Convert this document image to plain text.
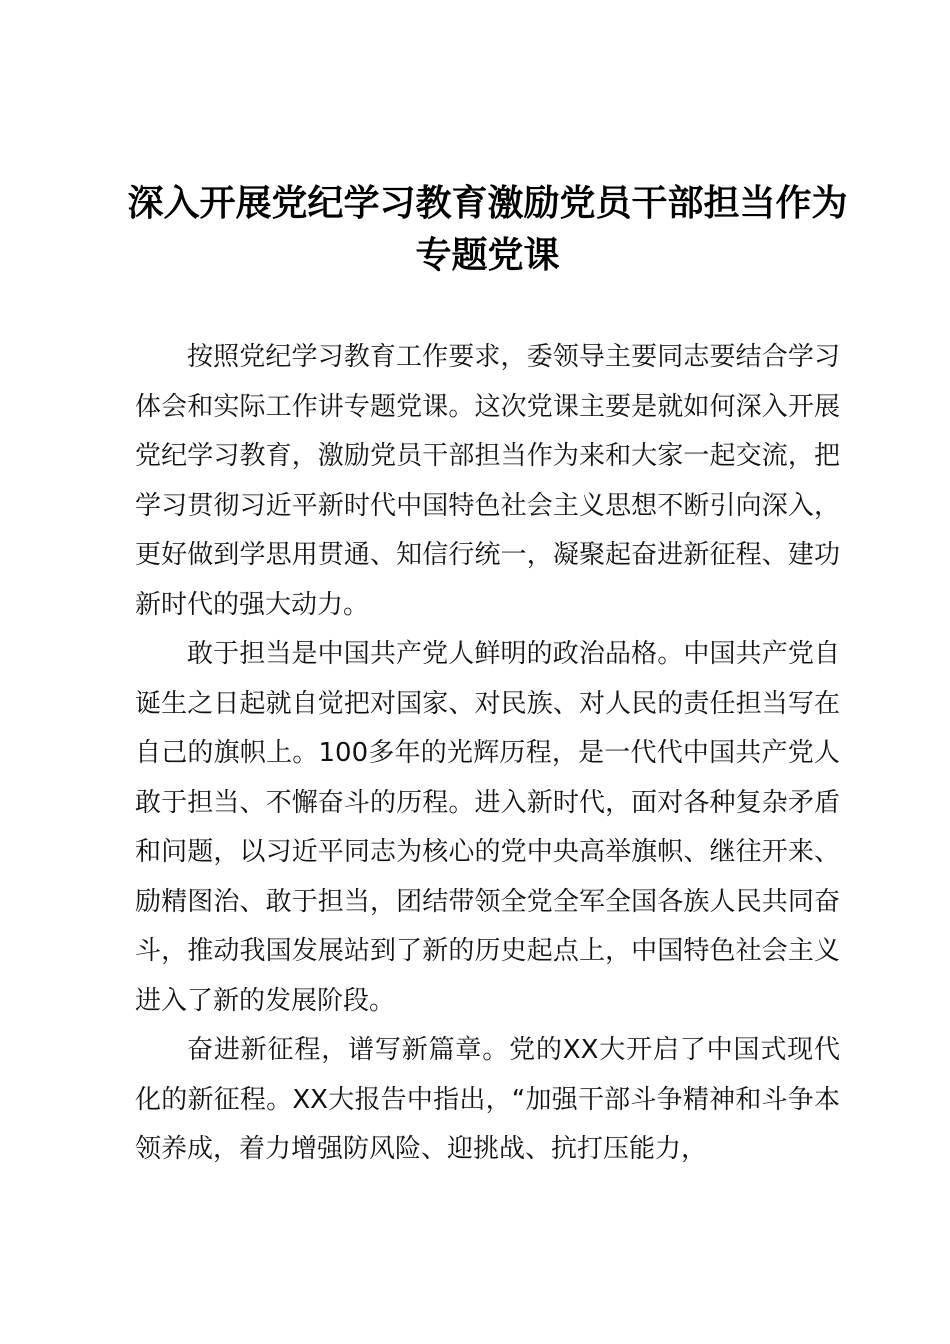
深入开展党纪学习教育激励党员干部担当作为专题党课

按照党纪学习教育工作要求，委领导主要同志要结合学习体会和实际工作讲专题党课。这次党课主要是就如何深入开展党纪学习教育，激励党员干部担当作为来和大家一起交流，把学习贯彻习近平新时代中国特色社会主义思想不断引向深入，更好做到学思用贯通、知信行统一，凝聚起奋进新征程、建功新时代的强大动力。

敢于担当是中国共产党人鲜明的政治品格。中国共产党自诞生之日起就自觉把对国家、对民族、对人民的责任担当写在自己的旗帜上。100多年的光辉历程，是一代代中国共产党人敢于担当、不懈奋斗的历程。进入新时代，面对各种复杂矛盾和问题，以习近平同志为核心的党中央高举旗帜、继往开来、励精图治、敢于担当，团结带领全党全军全国各族人民共同奋斗，推动我国发展站到了新的历史起点上，中国特色社会主义进入了新的发展阶段。

奋进新征程，谱写新篇章。党的XX大开启了中国式现代化的新征程。XX大报告中指出，“加强干部斗争精神和斗争本领养成，着力增强防风险、迎挑战、抗打压能力，
